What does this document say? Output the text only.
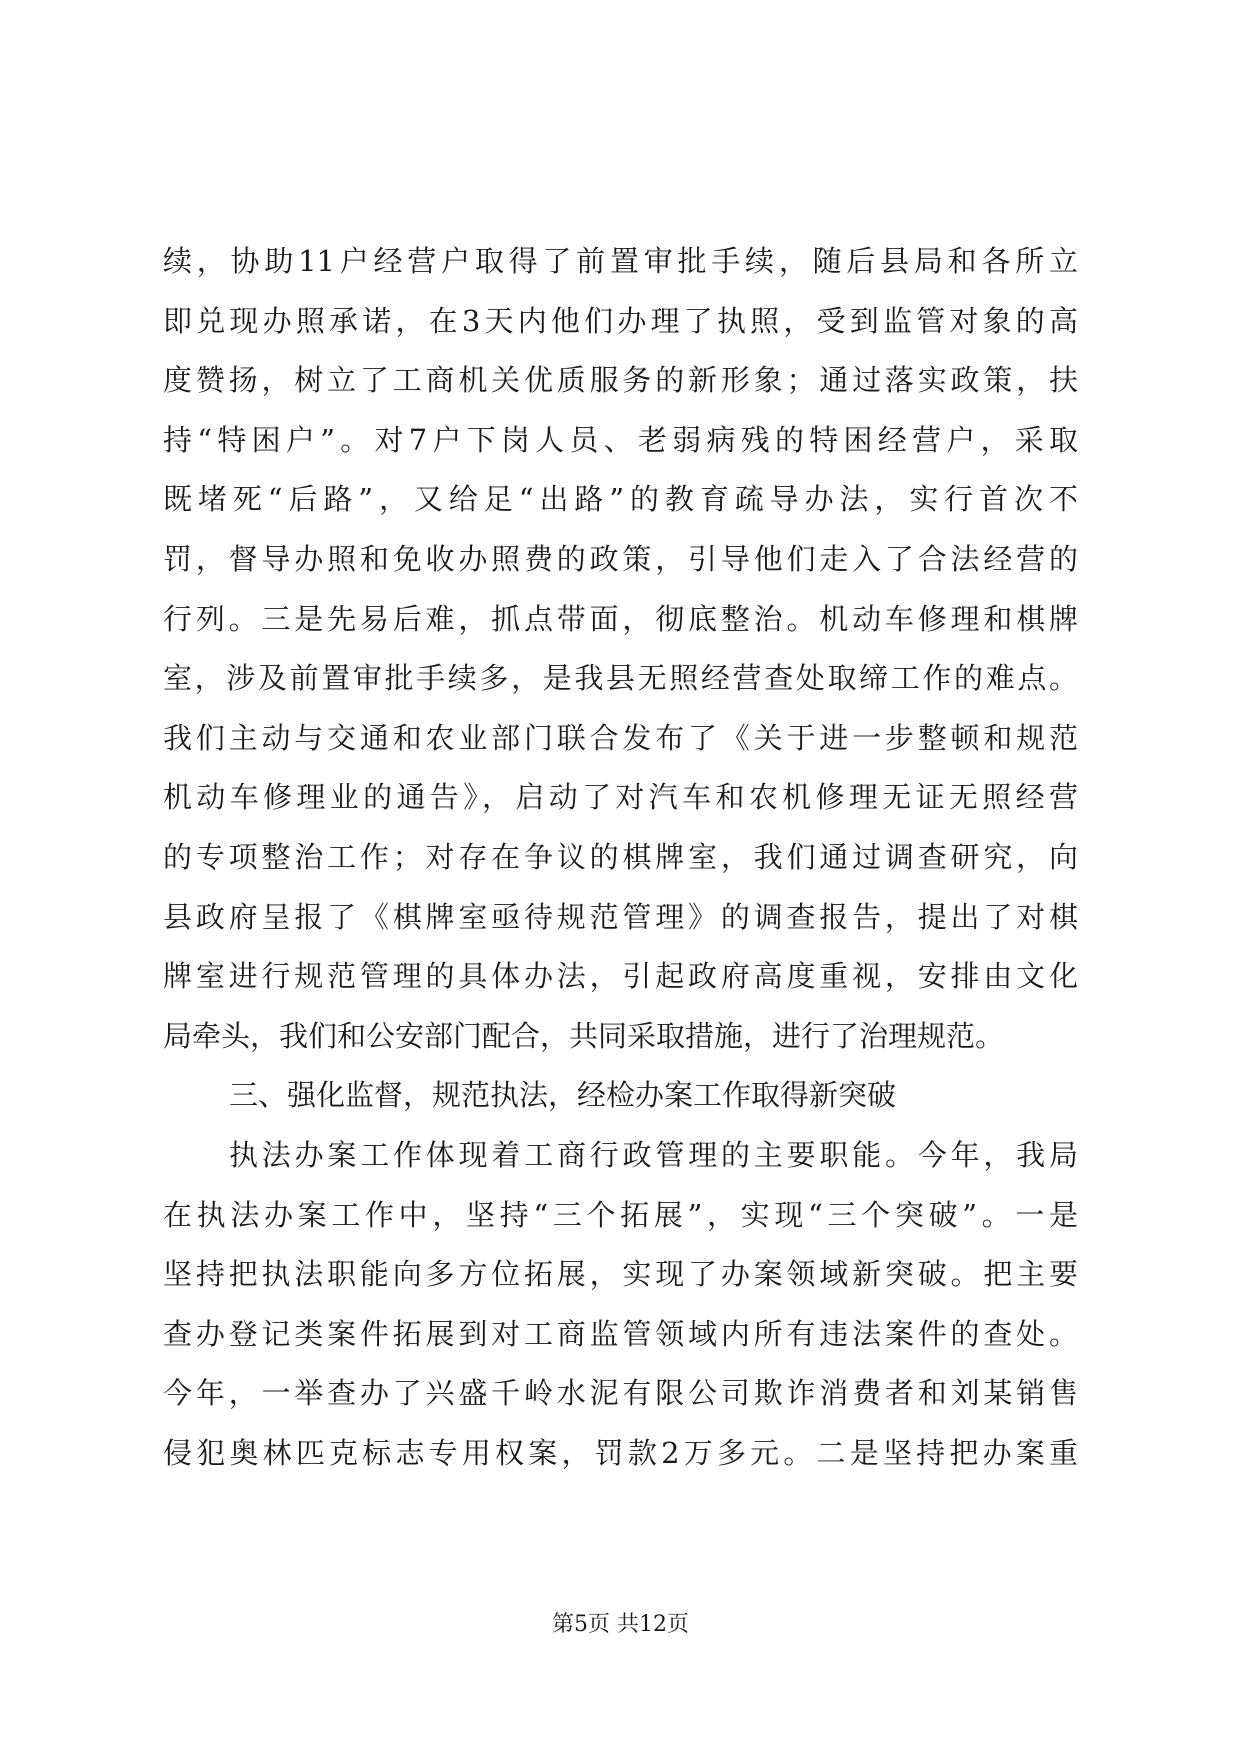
续，协助11户经营户取得了前置审批手续，随后县局和各所立
即兑现办照承诺，在3天内他们办理了执照，受到监管对象的高
度赞扬，树立了工商机关优质服务的新形象；通过落实政策，扶
持“特困户”。对7户下岗人员、老弱病残的特困经营户，采取
既堵死“后路”，又给足“出路”的教育疏导办法，实行首次不
罚，督导办照和免收办照费的政策，引导他们走入了合法经营的
行列。三是先易后难，抓点带面，彻底整治。机动车修理和棋牌
室，涉及前置审批手续多，是我县无照经营查处取缔工作的难点。
我们主动与交通和农业部门联合发布了《关于进一步整顿和规范
机动车修理业的通告》，启动了对汽车和农机修理无证无照经营
的专项整治工作；对存在争议的棋牌室，我们通过调查研究，向
县政府呈报了《棋牌室亟待规范管理》的调查报告，提出了对棋
牌室进行规范管理的具体办法，引起政府高度重视，安排由文化
局牵头，我们和公安部门配合，共同采取措施，进行了治理规范。
三、强化监督，规范执法，经检办案工作取得新突破
执法办案工作体现着工商行政管理的主要职能。今年，我局
在执法办案工作中，坚持“三个拓展”，实现“三个突破”。一是
坚持把执法职能向多方位拓展，实现了办案领域新突破。把主要
查办登记类案件拓展到对工商监管领域内所有违法案件的查处。
今年，一举查办了兴盛千岭水泥有限公司欺诈消费者和刘某销售
侵犯奥林匹克标志专用权案，罚款2万多元。二是坚持把办案重
第5页 共12页
